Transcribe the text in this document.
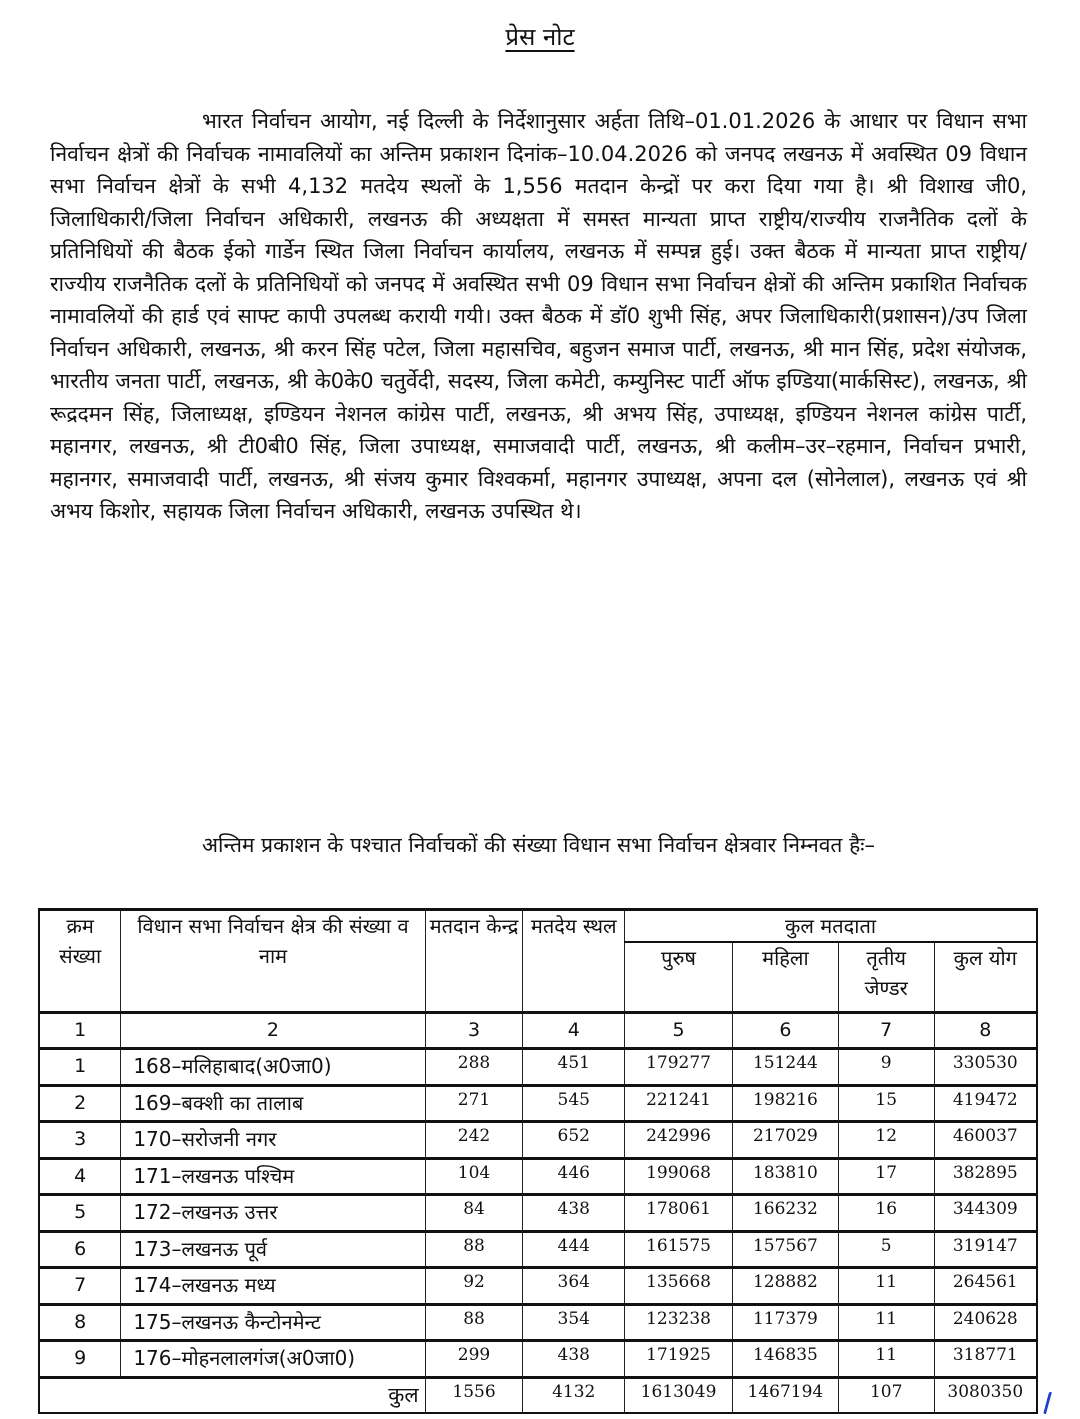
प्रेस नोट

भारत निर्वाचन आयोग, नई दिल्ली के निर्देशानुसार अर्हता तिथि–01.01.2026 के आधार पर विधान सभा निर्वाचन क्षेत्रों की निर्वाचक नामावलियों का अन्तिम प्रकाशन दिनांक–10.04.2026 को जनपद लखनऊ में अवस्थित 09 विधान सभा निर्वाचन क्षेत्रों के सभी 4,132 मतदेय स्थलों के 1,556 मतदान केन्द्रों पर करा दिया गया है। श्री विशाख जी0, जिलाधिकारी/जिला निर्वाचन अधिकारी, लखनऊ की अध्यक्षता में समस्त मान्यता प्राप्त राष्ट्रीय/राज्यीय राजनैतिक दलों के प्रतिनिधियों की बैठक ईको गार्डेन स्थित जिला निर्वाचन कार्यालय, लखनऊ में सम्पन्न हुई। उक्त बैठक में मान्यता प्राप्त राष्ट्रीय/राज्यीय राजनैतिक दलों के प्रतिनिधियों को जनपद में अवस्थित सभी 09 विधान सभा निर्वाचन क्षेत्रों की अन्तिम प्रकाशित निर्वाचक नामावलियों की हार्ड एवं साफ्ट कापी उपलब्ध करायी गयी। उक्त बैठक में डॉ0 शुभी सिंह, अपर जिलाधिकारी(प्रशासन)/उप जिला निर्वाचन अधिकारी, लखनऊ, श्री करन सिंह पटेल, जिला महासचिव, बहुजन समाज पार्टी, लखनऊ, श्री मान सिंह, प्रदेश संयोजक, भारतीय जनता पार्टी, लखनऊ, श्री के0के0 चतुर्वेदी, सदस्य, जिला कमेटी, कम्युनिस्ट पार्टी ऑफ इण्डिया(मार्कसिस्ट), लखनऊ, श्री रूद्रदमन सिंह, जिलाध्यक्ष, इण्डियन नेशनल कांग्रेस पार्टी, लखनऊ, श्री अभय सिंह, उपाध्यक्ष, इण्डियन नेशनल कांग्रेस पार्टी, महानगर, लखनऊ, श्री टी0बी0 सिंह, जिला उपाध्यक्ष, समाजवादी पार्टी, लखनऊ, श्री कलीम–उर–रहमान, निर्वाचन प्रभारी, महानगर, समाजवादी पार्टी, लखनऊ, श्री संजय कुमार विश्वकर्मा, महानगर उपाध्यक्ष, अपना दल (सोनेलाल), लखनऊ एवं श्री अभय किशोर, सहायक जिला निर्वाचन अधिकारी, लखनऊ उपस्थित थे।

अन्तिम प्रकाशन के पश्चात निर्वाचकों की संख्या विधान सभा निर्वाचन क्षेत्रवार निम्नवत हैः–

क्रम संख्या	विधान सभा निर्वाचन क्षेत्र की संख्या व नाम	मतदान केन्द्र	मतदेय स्थल	कुल मतदाता			
				पुरुष	महिला	तृतीय जेण्डर	कुल योग
1	2	3	4	5	6	7	8
1	168–मलिहाबाद(अ0जा0)	288	451	179277	151244	9	330530
2	169–बक्शी का तालाब	271	545	221241	198216	15	419472
3	170–सरोजनी नगर	242	652	242996	217029	12	460037
4	171–लखनऊ पश्चिम	104	446	199068	183810	17	382895
5	172–लखनऊ उत्तर	84	438	178061	166232	16	344309
6	173–लखनऊ पूर्व	88	444	161575	157567	5	319147
7	174–लखनऊ मध्य	92	364	135668	128882	11	264561
8	175–लखनऊ कैन्टोनमेन्ट	88	354	123238	117379	11	240628
9	176–मोहनलालगंज(अ0जा0)	299	438	171925	146835	11	318771
कुल		1556	4132	1613049	1467194	107	3080350
